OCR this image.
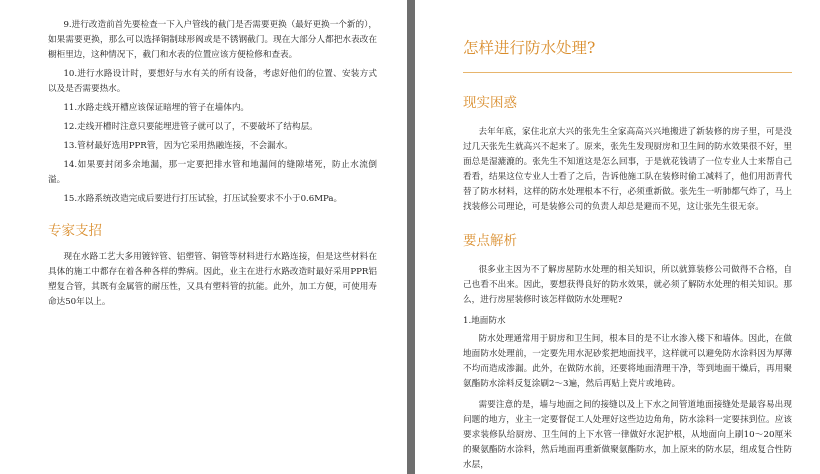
9.进行改造前首先要检查一下入户管线的截门是否需要更换（最好更换一个新的），如果需要更换，那么可以选择铜制球形阀或是不锈钢截门。现在大部分人都把水表改在橱柜里边，这种情况下，截门和水表的位置应该方便检修和查表。

10.进行水路设计时，要想好与水有关的所有设备，考虑好他们的位置、安装方式以及是否需要热水。

11.水路走线开槽应该保证暗埋的管子在墙体内。

12.走线开槽时注意只要能埋进管子就可以了，不要破坏了结构层。

13.管材最好选用PPR管，因为它采用热融连接，不会漏水。

14.如果要封闭多余地漏，那一定要把排水管和地漏间的缝隙堵死，防止水流倒溢。

15.水路系统改造完成后要进行打压试验，打压试验要求不小于0.6MPa。

专家支招

现在水路工艺大多用镀锌管、铝塑管、铜管等材料进行水路连接，但是这些材料在具体的施工中都存在着各种各样的弊病。因此，业主在进行水路改造时最好采用PPR铝塑复合管，其既有金属管的耐压性，又具有塑料管的抗能。此外，加工方便，可使用寿命达50年以上。

怎样进行防水处理?
现实困惑

去年年底，家住北京大兴的张先生全家高高兴兴地搬进了新装修的房子里，可是没过几天张先生就高兴不起来了。原来，张先生发现厨房和卫生间的防水效果很不好，里面总是湿漉漉的。张先生不知道这是怎么回事，于是就花钱请了一位专业人士来帮自己看看，结果这位专业人士看了之后，告诉他施工队在装修时偷工减料了，他们用沥青代替了防水材料，这样的防水处理根本不行，必须重新做。张先生一听肺都气炸了，马上找装修公司理论，可是装修公司的负责人却总是避而不见，这让张先生很无奈。

要点解析

很多业主因为不了解房屋防水处理的相关知识，所以就算装修公司做得不合格，自己也看不出来。因此，要想获得良好的防水效果，就必须了解防水处理的相关知识。那么，进行房屋装修时该怎样做防水处理呢?

1.地面防水

防水处理通常用于厨房和卫生间，根本目的是不让水渗入楼下和墙体。因此，在做地面防水处理前，一定要先用水泥砂浆把地面找平，这样就可以避免防水涂料因为厚薄不均而造成渗漏。此外，在做防水前，还要将地面清理干净，等到地面干燥后，再用聚氨酯防水涂料反复涂刷2～3遍，然后再贴上瓷片或地砖。

需要注意的是，墙与地面之间的接缝以及上下水之间管道地面接缝处是最容易出现问题的地方，业主一定要督促工人处理好这些边边角角，防水涂料一定要抹到位。应该要求装修队给厨房、卫生间的上下水管一律做好水泥护根，从地面向上刷10～20厘米的聚氨酯防水涂料，然后地面再重新做聚氨酯防水，加上原来的防水层，组成复合性防水层，
